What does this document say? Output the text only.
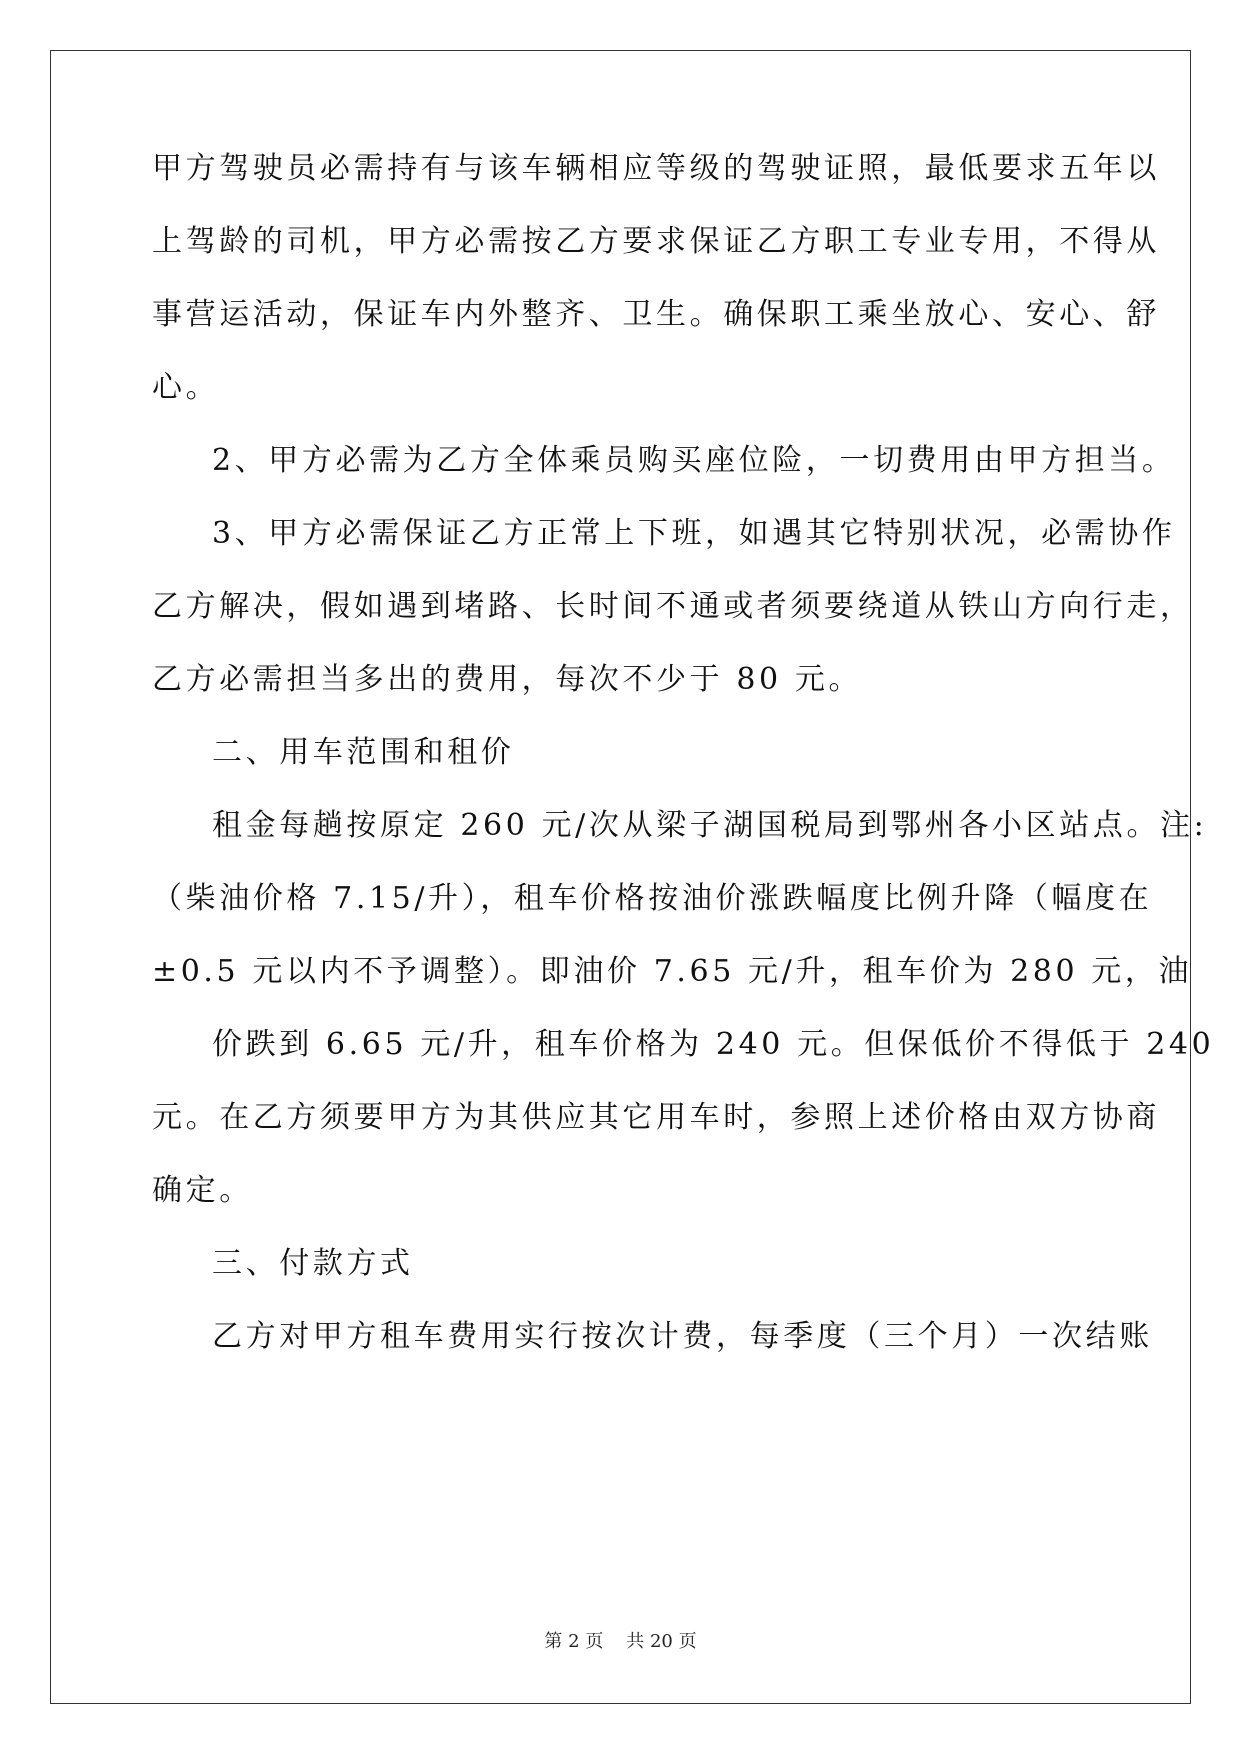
甲方驾驶员必需持有与该车辆相应等级的驾驶证照，最低要求五年以
上驾龄的司机，甲方必需按乙方要求保证乙方职工专业专用，不得从
事营运活动，保证车内外整齐、卫生。确保职工乘坐放心、安心、舒
心。
2、甲方必需为乙方全体乘员购买座位险，一切费用由甲方担当。
3、甲方必需保证乙方正常上下班，如遇其它特别状况，必需协作
乙方解决，假如遇到堵路、长时间不通或者须要绕道从铁山方向行走，
乙方必需担当多出的费用，每次不少于 80 元。
二、用车范围和租价
租金每趟按原定 260 元/次从梁子湖国税局到鄂州各小区站点。注:
（柴油价格 7.15/升），租车价格按油价涨跌幅度比例升降（幅度在
±0.5 元以内不予调整）。即油价 7.65 元/升，租车价为 280 元，油
价跌到 6.65 元/升，租车价格为 240 元。但保低价不得低于 240
元。在乙方须要甲方为其供应其它用车时，参照上述价格由双方协商
确定。
三、付款方式
乙方对甲方租车费用实行按次计费，每季度（三个月）一次结账
第 2 页 共 20 页
